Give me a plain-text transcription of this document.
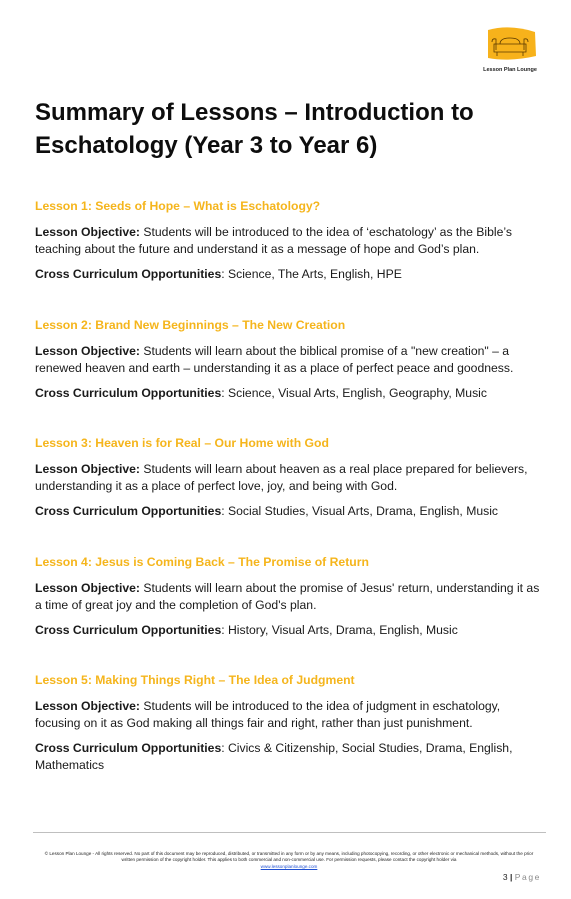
Lesson Plan Lounge
Summary of Lessons – Introduction to Eschatology (Year 3 to Year 6)

Lesson 1: Seeds of Hope – What is Eschatology?

Lesson Objective: Students will be introduced to the idea of ‘eschatology’ as the Bible’s teaching about the future and understand it as a message of hope and God’s plan.

Cross Curriculum Opportunities: Science, The Arts, English, HPE

Lesson 2: Brand New Beginnings – The New Creation

Lesson Objective: Students will learn about the biblical promise of a "new creation" – a renewed heaven and earth – understanding it as a place of perfect peace and goodness.

Cross Curriculum Opportunities: Science, Visual Arts, English, Geography, Music

Lesson 3: Heaven is for Real – Our Home with God

Lesson Objective: Students will learn about heaven as a real place prepared for believers, understanding it as a place of perfect love, joy, and being with God.

Cross Curriculum Opportunities: Social Studies, Visual Arts, Drama, English, Music

Lesson 4: Jesus is Coming Back – The Promise of Return

Lesson Objective: Students will learn about the promise of Jesus' return, understanding it as a time of great joy and the completion of God's plan.

Cross Curriculum Opportunities: History, Visual Arts, Drama, English, Music

Lesson 5: Making Things Right – The Idea of Judgment

Lesson Objective: Students will be introduced to the idea of judgment in eschatology, focusing on it as God making all things fair and right, rather than just punishment.

Cross Curriculum Opportunities: Civics & Citizenship, Social Studies, Drama, English, Mathematics

© Lesson Plan Lounge - All rights reserved. No part of this document may be reproduced, distributed, or transmitted in any form or by any means, including photocopying, recording, or other electronic or mechanical methods, without the prior written permission of the copyright holder. This applies to both commercial and non-commercial use. For permission requests, please contact the copyright holder via
www.lessonplanlounge.com
3 | Page
